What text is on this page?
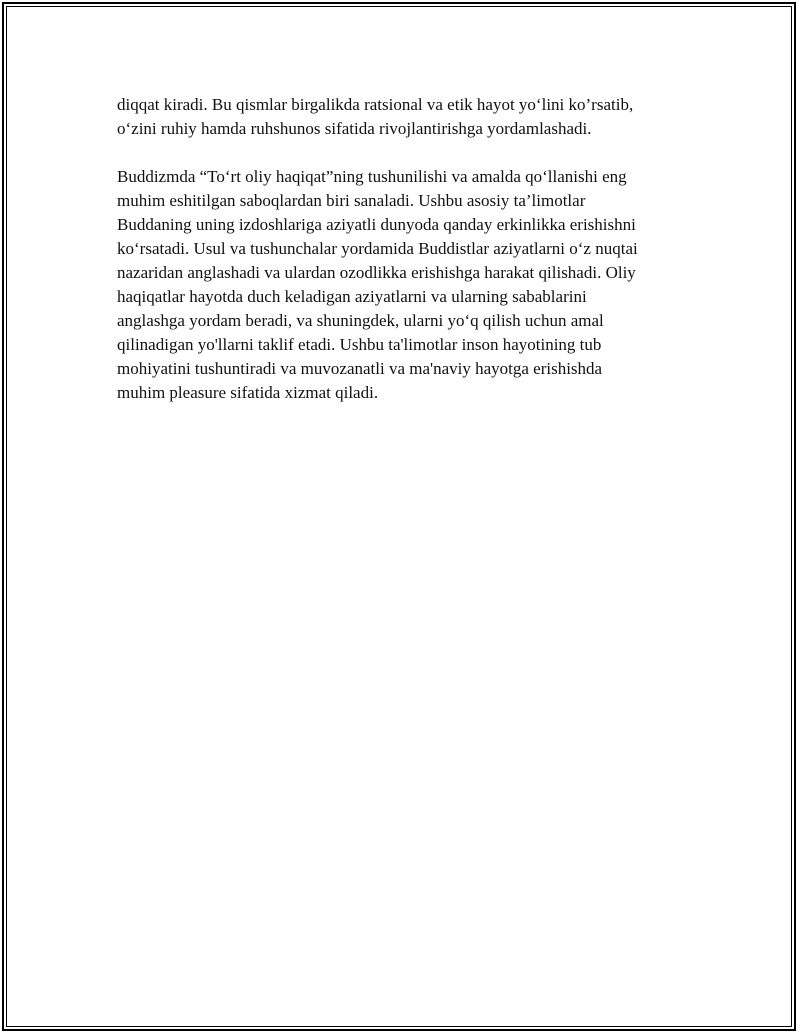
diqqat kiradi. Bu qismlar birgalikda ratsional va etik hayot yo‘lini ko’rsatib,

o‘zini ruhiy hamda ruhshunos sifatida rivojlantirishga yordamlashadi.

Buddizmda “To‘rt oliy haqiqat”ning tushunilishi va amalda qo‘llanishi eng

muhim eshitilgan saboqlardan biri sanaladi. Ushbu asosiy ta’limotlar

Buddaning uning izdoshlariga aziyatli dunyoda qanday erkinlikka erishishni

ko‘rsatadi. Usul va tushunchalar yordamida Buddistlar aziyatlarni o‘z nuqtai

nazaridan anglashadi va ulardan ozodlikka erishishga harakat qilishadi. Oliy

haqiqatlar hayotda duch keladigan aziyatlarni va ularning sabablarini

anglashga yordam beradi, va shuningdek, ularni yo‘q qilish uchun amal

qilinadigan yo'llarni taklif etadi. Ushbu ta'limotlar inson hayotining tub

mohiyatini tushuntiradi va muvozanatli va ma'naviy hayotga erishishda

muhim pleasure sifatida xizmat qiladi.
